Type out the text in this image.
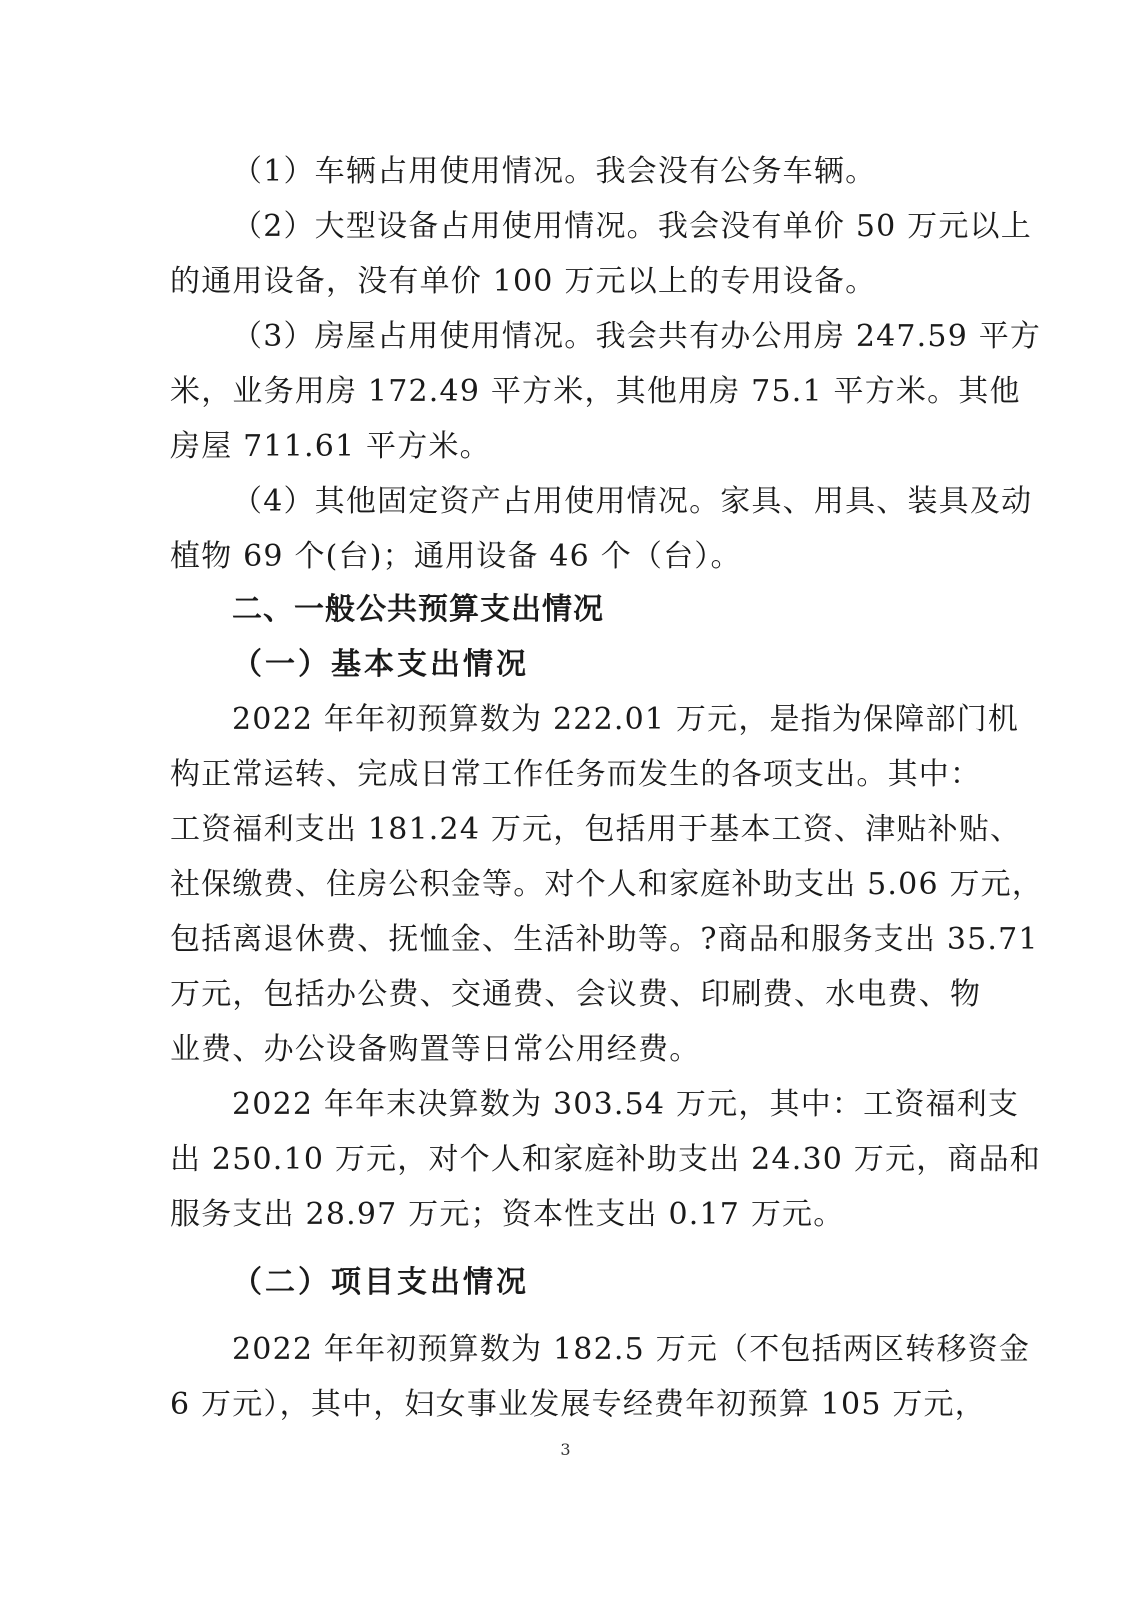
（1）车辆占用使用情况。我会没有公务车辆。
（2）大型设备占用使用情况。我会没有单价 50 万元以上
的通用设备，没有单价 100 万元以上的专用设备。
（3）房屋占用使用情况。我会共有办公用房 247.59 平方
米，业务用房 172.49 平方米，其他用房 75.1 平方米。其他
房屋 711.61 平方米。
（4）其他固定资产占用使用情况。家具、用具、装具及动
植物 69 个(台)；通用设备 46 个（台）。
二、一般公共预算支出情况
（一）基本支出情况
2022 年年初预算数为 222.01 万元，是指为保障部门机
构正常运转、完成日常工作任务而发生的各项支出。其中：
工资福利支出 181.24 万元，包括用于基本工资、津贴补贴、
社保缴费、住房公积金等。对个人和家庭补助支出 5.06 万元，
包括离退休费、抚恤金、生活补助等。?商品和服务支出 35.71
万元，包括办公费、交通费、会议费、印刷费、水电费、物
业费、办公设备购置等日常公用经费。
2022 年年末决算数为 303.54 万元，其中：工资福利支
出 250.10 万元，对个人和家庭补助支出 24.30 万元，商品和
服务支出 28.97 万元；资本性支出 0.17 万元。
（二）项目支出情况
2022 年年初预算数为 182.5 万元（不包括两区转移资金
6 万元），其中，妇女事业发展专经费年初预算 105 万元，
3
